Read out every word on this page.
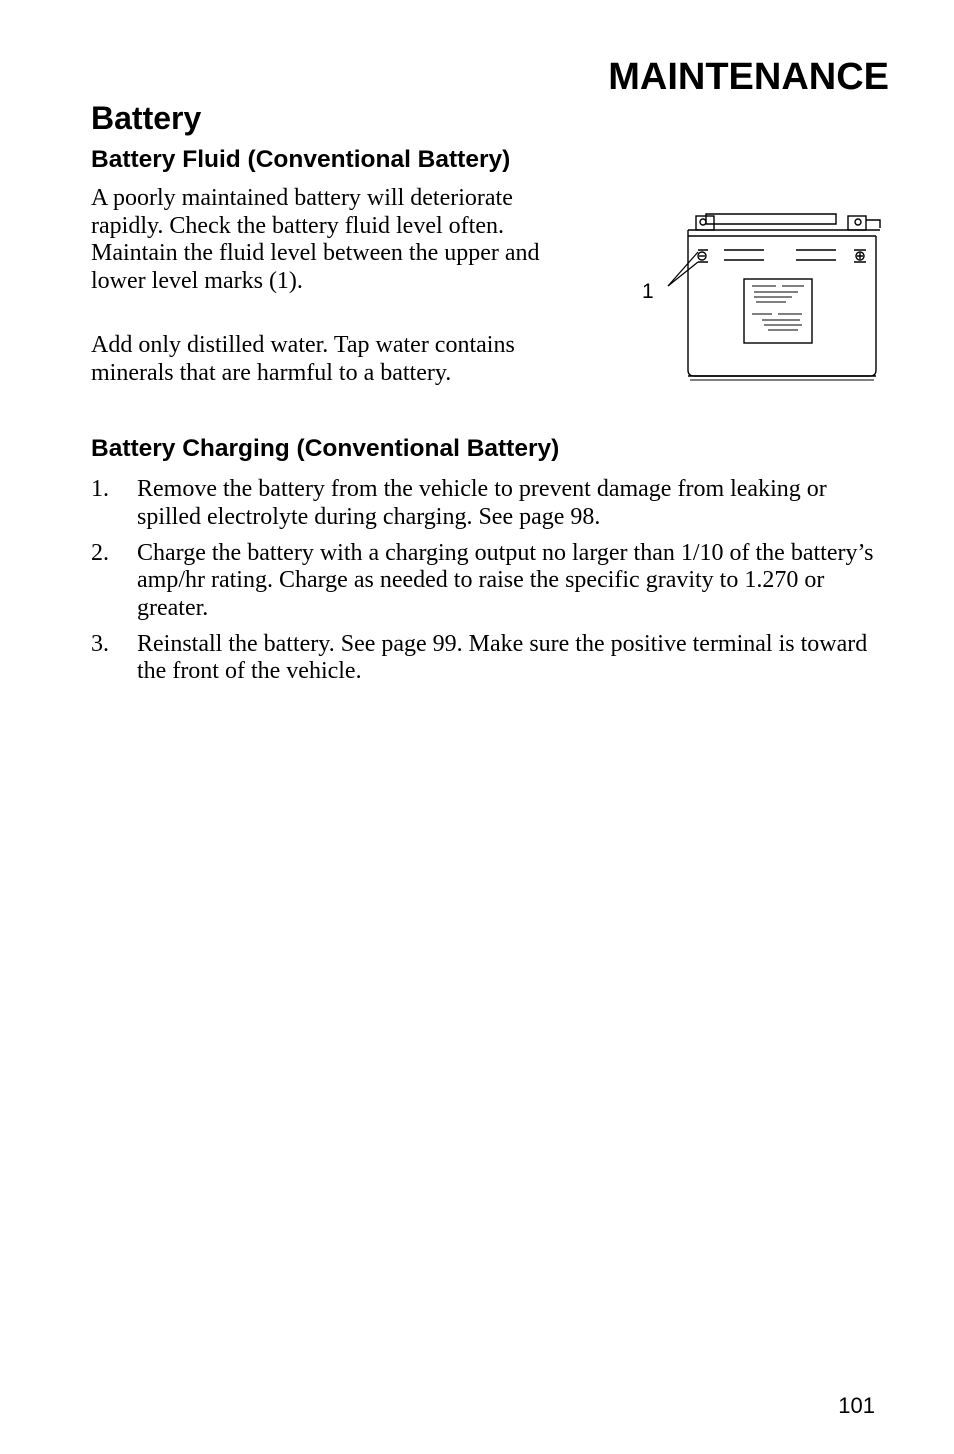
MAINTENANCE
Battery
Battery Fluid (Conventional Battery)

A poorly maintained battery will deteriorate rapidly. Check the battery fluid level often. Maintain the fluid level between the upper and lower level marks (1).

Add only distilled water. Tap water contains minerals that are harmful to a battery.

1
Battery Charging (Conventional Battery)
1.	Remove the battery from the vehicle to prevent damage from leaking or spilled electrolyte during charging. See page 98.
2.	Charge the battery with a charging output no larger than 1/10 of the battery’s amp/hr rating. Charge as needed to raise the specific gravity to 1.270 or greater.
3.	Reinstall the battery. See page 99. Make sure the positive terminal is toward the front of the vehicle.
101
